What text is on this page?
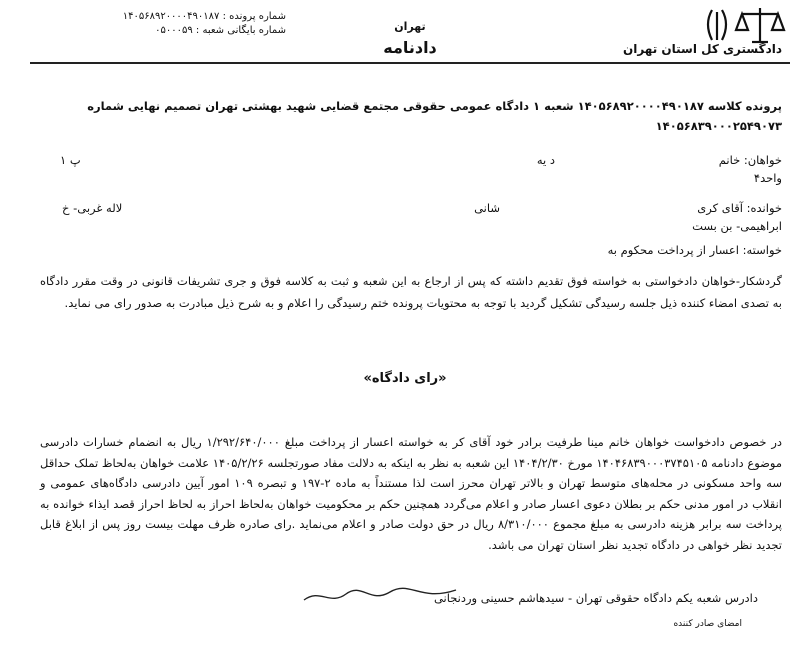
شماره پرونده : ۱۴۰۵۶۸۹۲۰۰۰۰۴۹۰۱۸۷
شماره بایگانی شعبه : ۰۵۰۰۰۵۹	تهران
دادنامه	دادگستری کل استان تهران
پرونده کلاسه ۱۴۰۵۶۸۹۲۰۰۰۰۴۹۰۱۸۷ شعبه ۱ دادگاه عمومی حقوقی مجتمع قضایی شهید بهشتی تهران تصمیم نهایی شماره
۱۴۰۵۶۸۳۹۰۰۰۲۵۴۹۰۷۳
خواهان: خانم
د یه
پ ۱
واحد۴
خوانده: آقای کری
شانی
لاله غربی- خ
ابراهیمی- بن بست
خواسته: اعسار از پرداخت محکوم به
گردشکار-خواهان دادخواستی به خواسته فوق تقدیم داشته که پس از ارجاع به این شعبه و ثبت به کلاسه فوق و جری تشریفات قانونی در وقت مقرر دادگاه به تصدی امضاء کننده ذیل جلسه رسیدگی تشکیل گردید با توجه به محتویات پرونده ختم رسیدگی را اعلام و به شرح ذیل مبادرت به صدور رای می نماید.
«رای دادگاه»
در خصوص دادخواست خواهان خانم مینا طرفیت برادر خود آقای کر به خواسته اعسار از پرداخت مبلغ ۱/۲۹۲/۶۴۰/۰۰۰ ریال به انضمام خسارات دادرسی موضوع دادنامه ۱۴۰۴۶۸۳۹۰۰۰۳۷۴۵۱۰۵ مورخ ۱۴۰۴/۲/۳۰ این شعبه به نظر به اینکه به دلالت مفاد صورتجلسه ۱۴۰۵/۲/۲۶ علامت خواهان به‌لحاظ تملک حداقل سه واحد مسکونی در محله‌های متوسط تهران و بالاتر تهران محرز است لذا مستنداً به ماده ۲-۱۹۷ و تبصره ۱۰۹ امور آیین دادرسی دادگاه‌های عمومی و انقلاب در امور مدنی حکم بر بطلان دعوی اعسار صادر و اعلام می‌گردد همچنین حکم بر محکومیت خواهان به‌لحاظ احراز به لحاظ احراز قصد ایذاء خوانده به پرداخت سه برابر هزینه دادرسی به مبلغ مجموع ۸/۳۱۰/۰۰۰ ریال در حق دولت صادر و اعلام می‌نماید .رای صادره ظرف مهلت بیست روز پس از ابلاغ قابل تجدید نظر خواهی در دادگاه تجدید نظر استان تهران می باشد.
دادرس شعبه یکم دادگاه حقوقی تهران - سیدهاشم حسینی وردنجانی
امضای صادر کننده
